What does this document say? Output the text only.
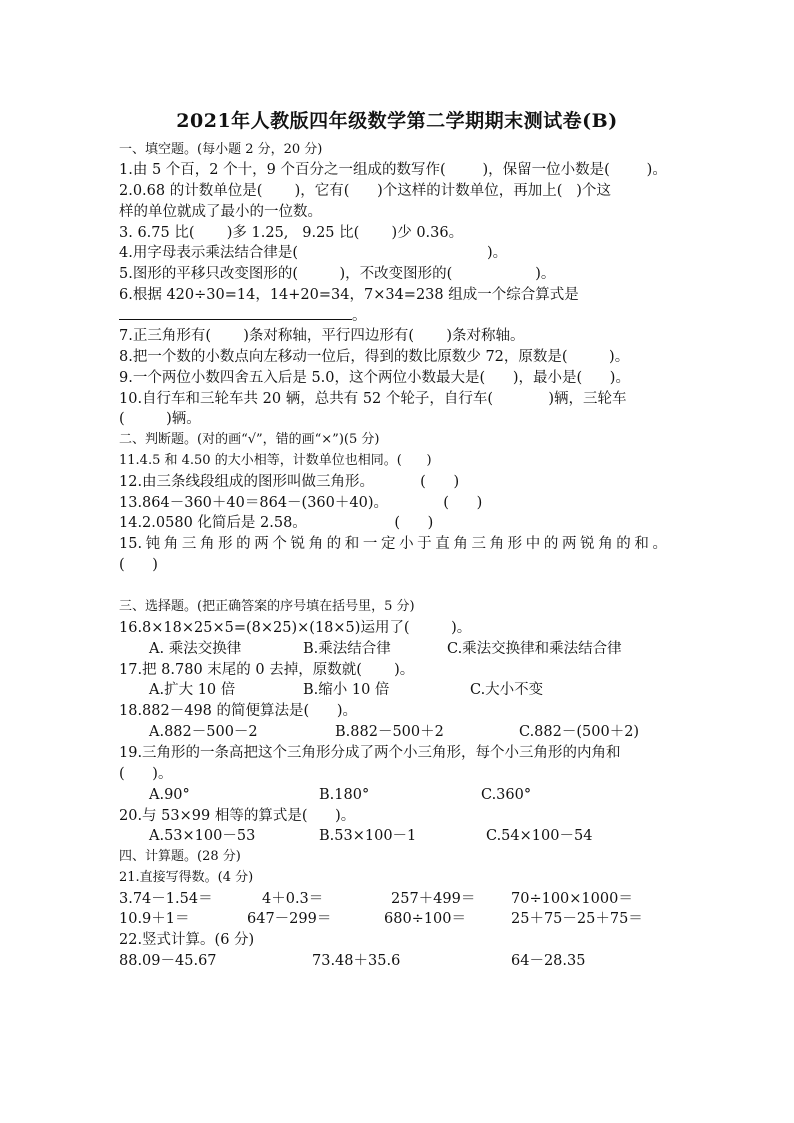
2021年人教版四年级数学第二学期期末测试卷(B)
一、填空题。(每小题 2 分，20 分)
1.由 5 个百，2 个十，9 个百分之一组成的数写作(        )，保留一位小数是(        )。
2.0.68 的计数单位是(       )，它有(      )个这样的计数单位，再加上(   )个这
样的单位就成了最小的一位数。
3. 6.75 比(       )多 1.25,   9.25 比(       )少 0.36。
4.用字母表示乘法结合律是(                                         )。
5.图形的平移只改变图形的(         )，不改变图形的(                  )。
6.根据 420÷30=14，14+20=34，7×34=238 组成一个综合算式是
。
7.正三角形有(       )条对称轴，平行四边形有(       )条对称轴。
8.把一个数的小数点向左移动一位后，得到的数比原数少 72，原数是(         )。
9.一个两位小数四舍五入后是 5.0，这个两位小数最大是(      )，最小是(      )。
10.自行车和三轮车共 20 辆，总共有 52 个轮子，自行车(            )辆，三轮车
(         )辆。
二、判断题。(对的画“√”，错的画“×”)(5 分)
11.4.5 和 4.50 的大小相等，计数单位也相同。(      )
12.由三条线段组成的图形叫做三角形。          (      )
13.864－360＋40＝864－(360＋40)。            (      )
14.2.0580 化简后是 2.58。                   (      )
15.钝角三角形的两个锐角的和一定小于直角三角形中的两锐角的和。
(      )
三、选择题。(把正确答案的序号填在括号里，5 分)
16.8×18×25×5=(8×25)×(18×5)运用了(         )。
A. 乘法交换律	B.乘法结合律	C.乘法交换律和乘法结合律
17.把 8.780 末尾的 0 去掉，原数就(       )。
A.扩大 10 倍	B.缩小 10 倍	C.大小不变
18.882－498 的简便算法是(      )。
A.882－500－2	B.882－500＋2	C.882－(500＋2)
19.三角形的一条高把这个三角形分成了两个小三角形，每个小三角形的内角和
(      )。
A.90°	B.180°	C.360°
20.与 53×99 相等的算式是(      )。
A.53×100－53	B.53×100－1	C.54×100－54
四、计算题。(28 分)
21.直接写得数。(4 分)
3.74－1.54＝	4＋0.3＝	257＋499＝ 70÷100×1000＝
10.9＋1＝	647－299＝	680÷100＝	25＋75－25＋75＝
22.竖式计算。(6 分)
88.09－45.67	73.48＋35.6	64－28.35
